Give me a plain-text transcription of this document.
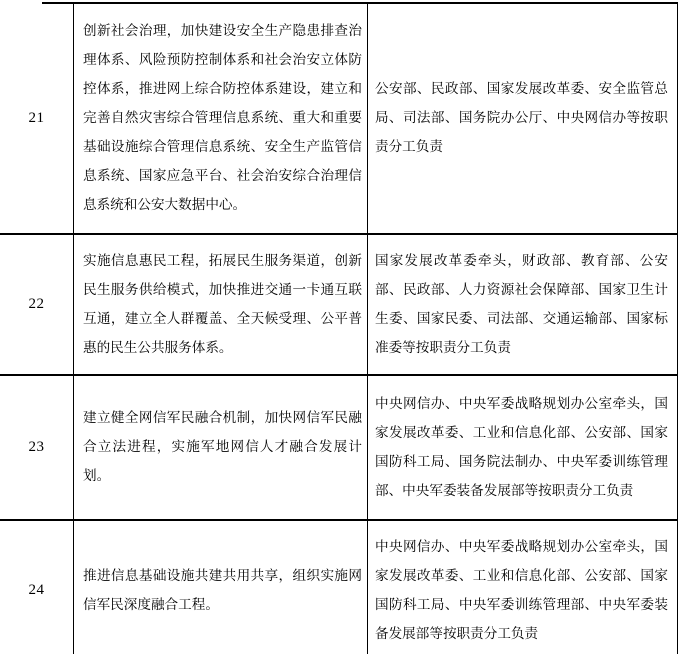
21
创新社会治理，加快建设安全生产隐患排查治理体系、风险预防控制体系和社会治安立体防控体系，推进网上综合防控体系建设，建立和完善自然灾害综合管理信息系统、重大和重要基础设施综合管理信息系统、安全生产监管信息系统、国家应急平台、社会治安综合治理信息系统和公安大数据中心。
公安部、民政部、国家发展改革委、安全监管总局、司法部、国务院办公厅、中央网信办等按职责分工负责
22
实施信息惠民工程，拓展民生服务渠道，创新民生服务供给模式，加快推进交通一卡通互联互通，建立全人群覆盖、全天候受理、公平普惠的民生公共服务体系。
国家发展改革委牵头，财政部、教育部、公安部、民政部、人力资源社会保障部、国家卫生计生委、国家民委、司法部、交通运输部、国家标准委等按职责分工负责
23
建立健全网信军民融合机制，加快网信军民融合立法进程，实施军地网信人才融合发展计划。
中央网信办、中央军委战略规划办公室牵头，国家发展改革委、工业和信息化部、公安部、国家国防科工局、国务院法制办、中央军委训练管理部、中央军委装备发展部等按职责分工负责
24
推进信息基础设施共建共用共享，组织实施网信军民深度融合工程。
中央网信办、中央军委战略规划办公室牵头，国家发展改革委、工业和信息化部、公安部、国家国防科工局、中央军委训练管理部、中央军委装备发展部等按职责分工负责
